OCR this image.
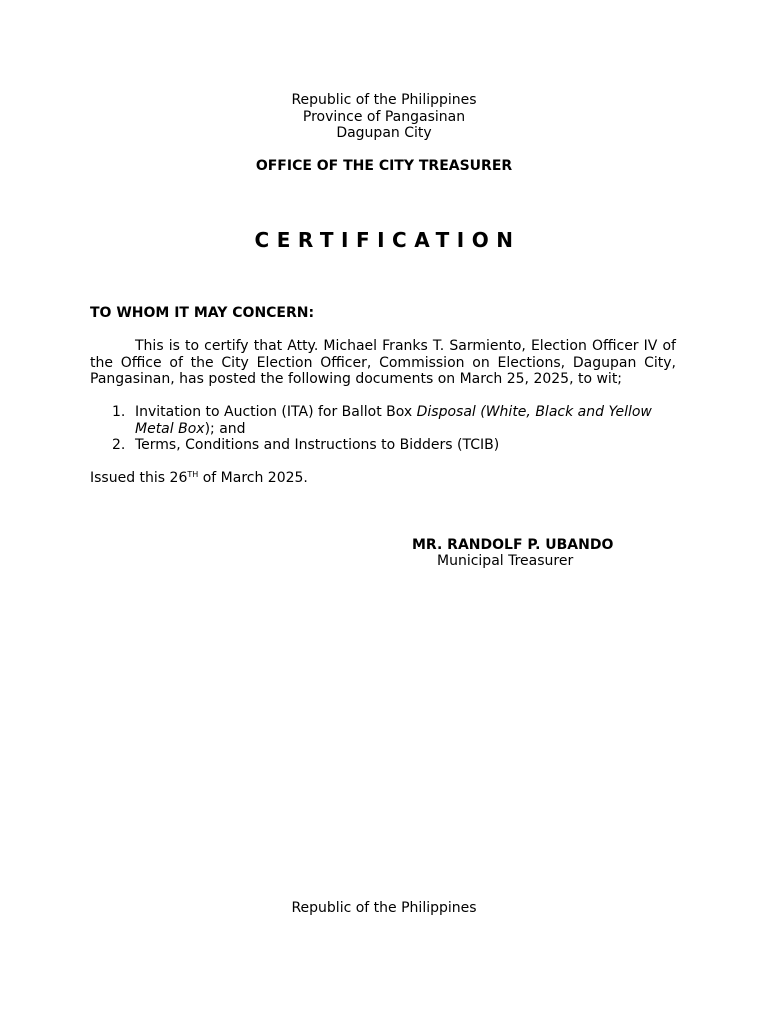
Republic of the Philippines
Province of Pangasinan
Dagupan City
OFFICE OF THE CITY TREASURER
CERTIFICATION
TO WHOM IT MAY CONCERN:

This is to certify that Atty. Michael Franks T. Sarmiento, Election Officer IV of the Office of the City Election Officer, Commission on Elections, Dagupan City, Pangasinan, has posted the following documents on March 25, 2025, to wit;

1. Invitation to Auction (ITA) for Ballot Box Disposal (White, Black and Yellow Metal Box); and
2. Terms, Conditions and Instructions to Bidders (TCIB)
Issued this 26TH of March 2025.
MR. RANDOLF P. UBANDO
Municipal Treasurer
Republic of the Philippines
